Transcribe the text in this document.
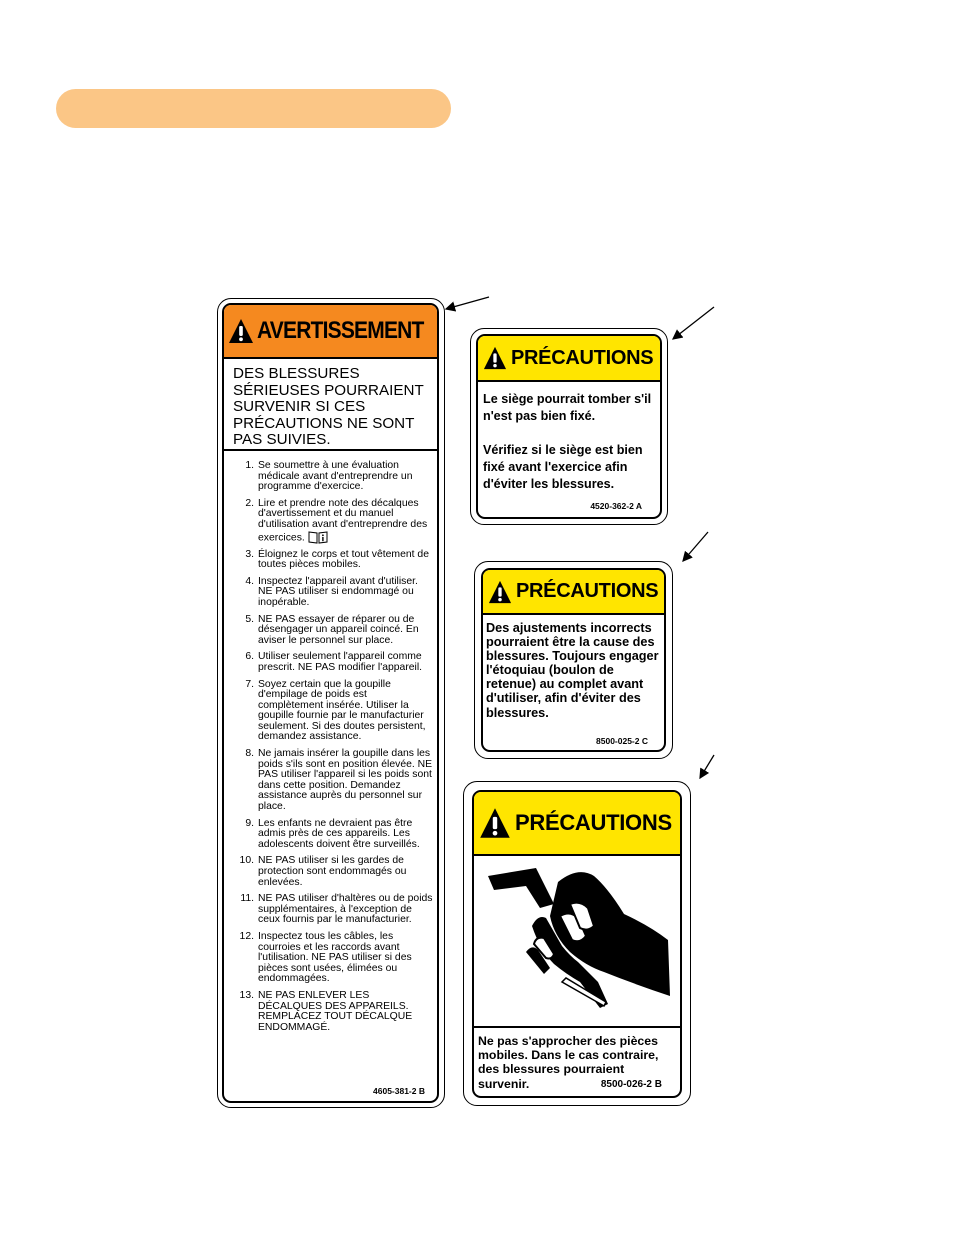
AVERTISSEMENT
DES BLESSURES SÉRIEUSES POURRAIENT SURVENIR SI CES PRÉCAUTIONS NE SONT PAS SUIVIES.
1. Se soumettre à une évaluation médicale avant d'entreprendre un programme d'exercice.
2. Lire et prendre note des décalques d'avertissement et du manuel d'utilisation avant d'entreprendre des exercices.
3. Éloignez le corps et tout vêtement de toutes pièces mobiles.
4. Inspectez l'appareil avant d'utiliser. NE PAS utiliser si endommagé ou inopérable.
5. NE PAS essayer de réparer ou de désengager un appareil coincé. En aviser le personnel sur place.
6. Utiliser seulement l'appareil comme prescrit. NE PAS modifier l'appareil.
7. Soyez certain que la goupille d'empilage de poids est complètement insérée. Utiliser la goupille fournie par le manufacturier seulement. Si des doutes persistent, demandez assistance.
8. Ne jamais insérer la goupille dans les poids s'ils sont en position élevée. NE PAS utiliser l'appareil si les poids sont dans cette position. Demandez assistance auprès du personnel sur place.
9. Les enfants ne devraient pas être admis près de ces appareils. Les adolescents doivent être surveillés.
10. NE PAS utiliser si les gardes de protection sont endommagés ou enlevées.
11. NE PAS utiliser d'haltères ou de poids supplémentaires, à l'exception de ceux fournis par le manufacturier.
12. Inspectez tous les câbles, les courroies et les raccords avant l'utilisation. NE PAS utiliser si des pièces sont usées, élimées ou endommagées.
13. NE PAS ENLEVER LES DÉCALQUES DES APPAREILS. REMPLACEZ TOUT DÉCALQUE ENDOMMAGÉ.
4605-381-2 B
PRÉCAUTIONS
Le siège pourrait tomber s'il n'est pas bien fixé.
Vérifiez si le siège est bien fixé avant l'exercice afin d'éviter les blessures.
4520-362-2 A
PRÉCAUTIONS
Des ajustements incorrects pourraient être la cause des blessures. Toujours engager l'étoquiau (boulon de retenue) au complet avant d'utiliser, afin d'éviter des blessures.
8500-025-2 C
PRÉCAUTIONS
Ne pas s'approcher des pièces mobiles. Dans le cas contraire, des blessures pourraient survenir.	8500-026-2 B
